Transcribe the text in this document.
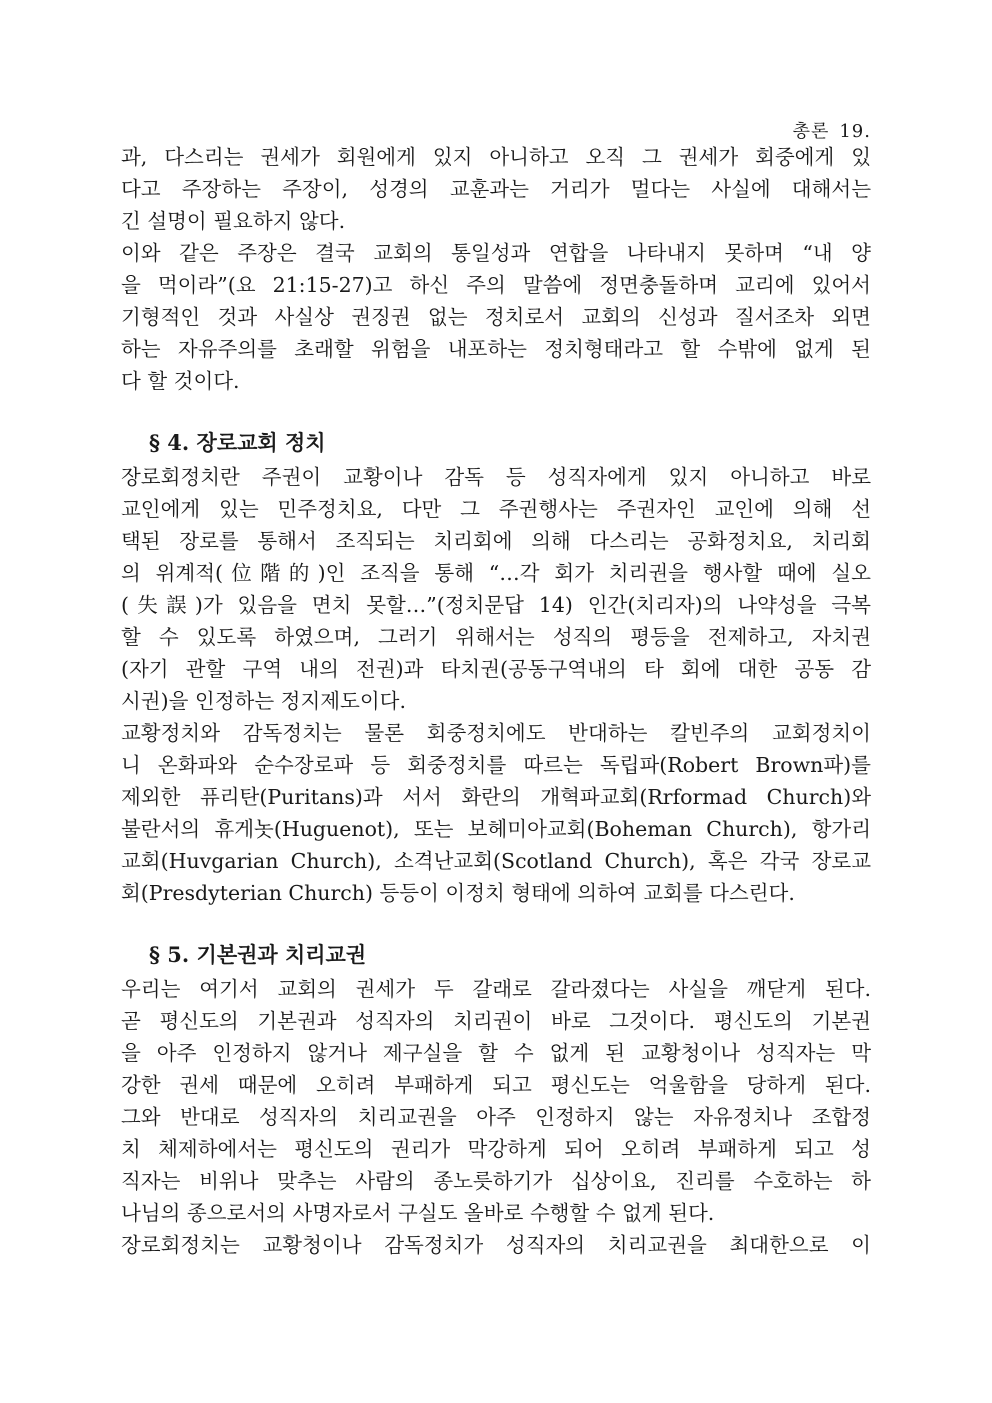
총론 19.
과, 다스리는 권세가 회원에게 있지 아니하고 오직 그 권세가 회중에게 있
다고 주장하는 주장이, 성경의 교훈과는 거리가 멀다는 사실에 대해서는
긴 설명이 필요하지 않다.
이와 같은 주장은 결국 교회의 통일성과 연합을 나타내지 못하며 “내 양
을 먹이라”(요 21:15-27)고 하신 주의 말씀에 정면충돌하며 교리에 있어서
기형적인 것과 사실상 권징권 없는 정치로서 교회의 신성과 질서조차 외면
하는 자유주의를 초래할 위험을 내포하는 정치형태라고 할 수밖에 없게 된
다 할 것이다.
§ 4. 장로교회 정치
장로회정치란 주권이 교황이나 감독 등 성직자에게 있지 아니하고 바로
교인에게 있는 민주정치요, 다만 그 주권행사는 주권자인 교인에 의해 선
택된 장로를 통해서 조직되는 치리회에 의해 다스리는 공화정치요, 치리회
의 위계적(位階的)인 조직을 통해 “…각 회가 치리권을 행사할 때에 실오
(失誤)가 있음을 면치 못할…”(정치문답 14) 인간(치리자)의 나약성을 극복
할 수 있도록 하였으며, 그러기 위해서는 성직의 평등을 전제하고, 자치권
(자기 관할 구역 내의 전권)과 타치권(공동구역내의 타 회에 대한 공동 감
시권)을 인정하는 정지제도이다.
교황정치와 감독정치는 물론 회중정치에도 반대하는 칼빈주의 교회정치이
니 온화파와 순수장로파 등 회중정치를 따르는 독립파(Robert Brown파)를
제외한 퓨리탄(Puritans)과 서서 화란의 개혁파교회(Rrformad Church)와
불란서의 휴게놋(Huguenot), 또는 보헤미아교회(Boheman Church), 항가리
교회(Huvgarian Church), 소격난교회(Scotland Church), 혹은 각국 장로교
회(Presdyterian Church) 등등이 이정치 형태에 의하여 교회를 다스린다.
§ 5. 기본권과 치리교권
우리는 여기서 교회의 권세가 두 갈래로 갈라졌다는 사실을 깨닫게 된다.
곧 평신도의 기본권과 성직자의 치리권이 바로 그것이다. 평신도의 기본권
을 아주 인정하지 않거나 제구실을 할 수 없게 된 교황청이나 성직자는 막
강한 권세 때문에 오히려 부패하게 되고 평신도는 억울함을 당하게 된다.
그와 반대로 성직자의 치리교권을 아주 인정하지 않는 자유정치나 조합정
치 체제하에서는 평신도의 권리가 막강하게 되어 오히려 부패하게 되고 성
직자는 비위나 맞추는 사람의 종노릇하기가 십상이요, 진리를 수호하는 하
나님의 종으로서의 사명자로서 구실도 올바로 수행할 수 없게 된다.
장로회정치는 교황청이나 감독정치가 성직자의 치리교권을 최대한으로 이
